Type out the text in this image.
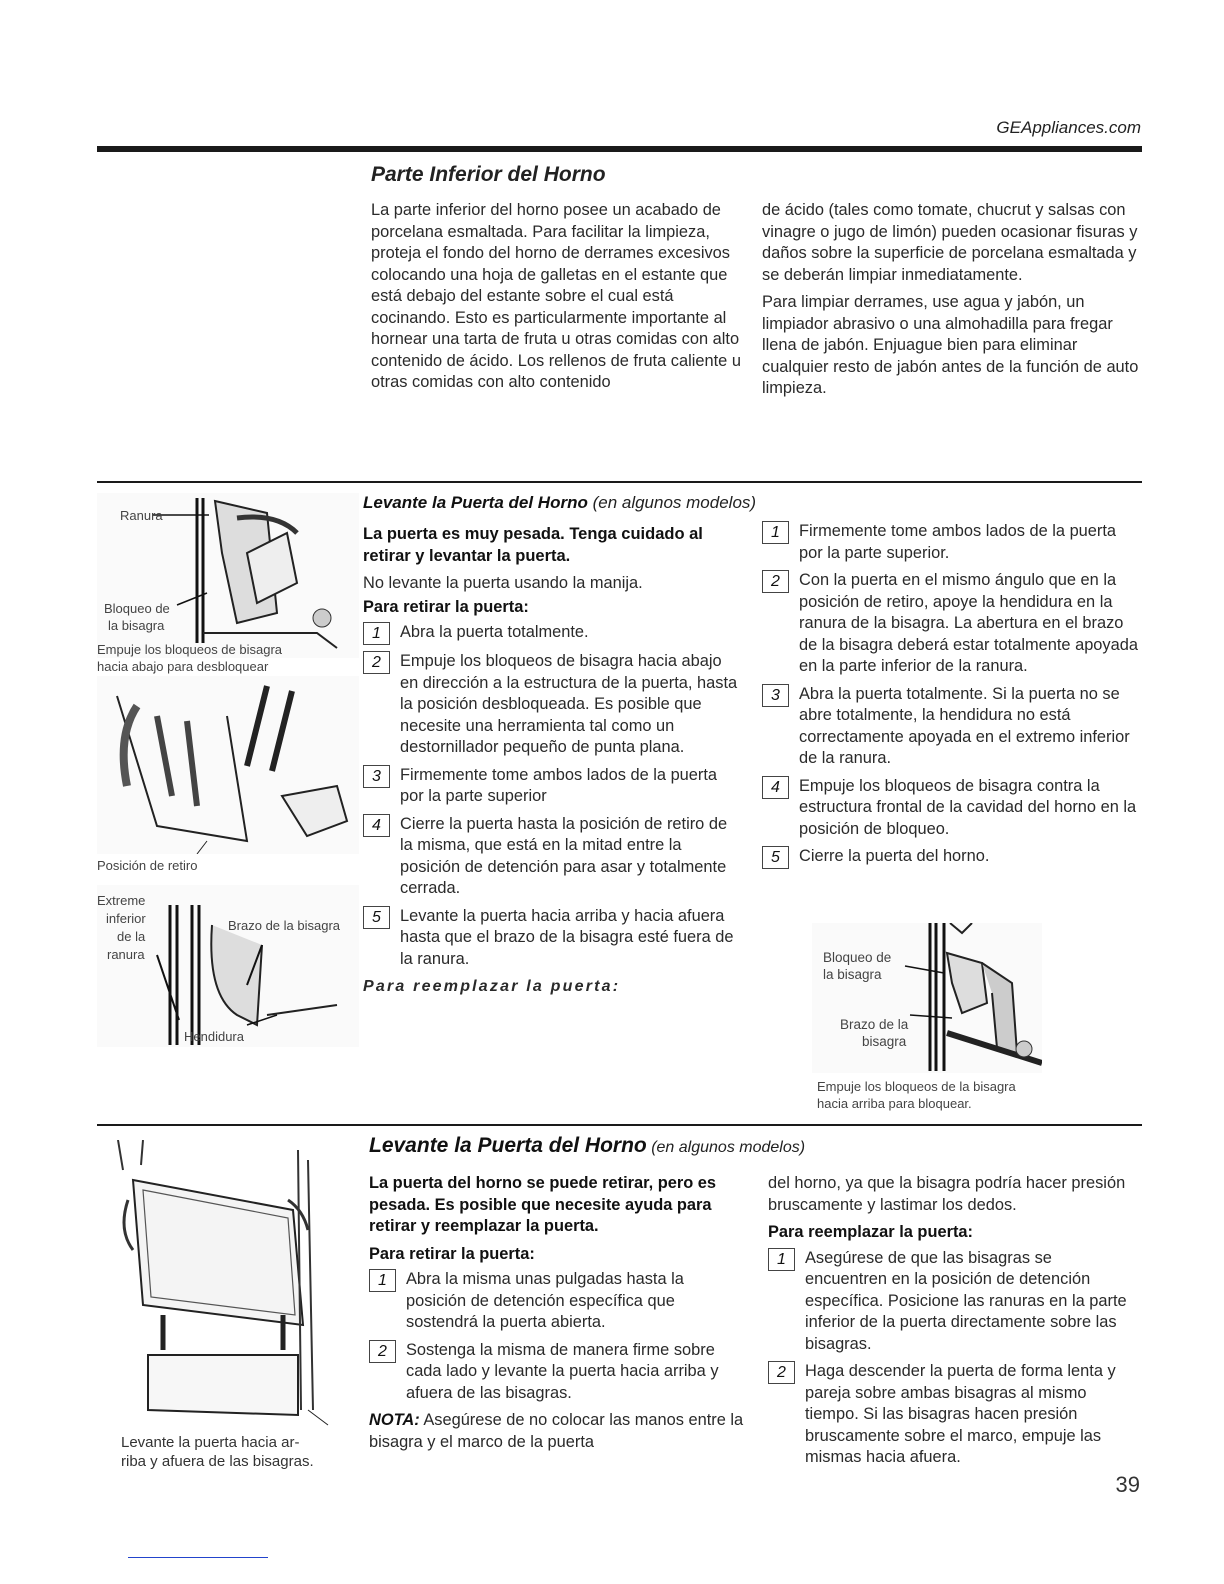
GEAppliances.com
Parte Inferior del Horno

La parte inferior del horno posee un acabado de porcelana esmaltada. Para facilitar la limpieza, proteja el fondo del horno de derrames excesivos colocando una hoja de galletas en el estante que está debajo del estante sobre el cual está cocinando. Esto es particularmente importante al hornear una tarta de fruta u otras comidas con alto contenido de ácido. Los rellenos de fruta caliente u otras comidas con alto contenido

de ácido (tales como tomate, chucrut y salsas con vinagre o jugo de limón) pueden ocasionar fisuras y daños sobre la superficie de porcelana esmaltada y se deberán limpiar inmediatamente.

Para limpiar derrames, use agua y jabón, un limpiador abrasivo o una almohadilla para fregar llena de jabón. Enjuague bien para eliminar cualquier resto de jabón antes de la función de auto limpieza.

Levante la Puerta del Horno (en algunos modelos)
Ranura
Bloqueo de
la bisagra
Empuje los bloqueos de bisagra
hacia abajo para desbloquear
Posición de retiro
Extreme
inferior
de la
ranura
Brazo de la bisagra
Hendidura

La puerta es muy pesada. Tenga cuidado al retirar y levantar la puerta.

No levante la puerta usando la manija.

Para retirar la puerta:

1	Abra la puerta totalmente.
2	Empuje los bloqueos de bisagra hacia abajo en dirección a la estructura de la puerta, hasta la posición desbloqueada. Es posible que necesite una herramienta tal como un destornillador pequeño de punta plana.
3	Firmemente tome ambos lados de la puerta por la parte superior
4	Cierre la puerta hasta la posición de retiro de la misma, que está en la mitad entre la posición de detención para asar y totalmente cerrada.
5	Levante la puerta hacia arriba y hacia afuera hasta que el brazo de la bisagra esté fuera de la ranura.

Para reemplazar la puerta:

1	Firmemente tome ambos lados de la puerta por la parte superior.
2	Con la puerta en el mismo ángulo que en la posición de retiro, apoye la hendidura en la ranura de la bisagra. La abertura en el brazo de la bisagra deberá estar totalmente apoyada en la parte inferior de la ranura.
3	Abra la puerta totalmente. Si la puerta no se abre totalmente, la hendidura no está correctamente apoyada en el extremo inferior de la ranura.
4	Empuje los bloqueos de bisagra contra la estructura frontal de la cavidad del horno en la posición de bloqueo.
5	Cierre la puerta del horno.
Bloqueo de
la bisagra
Brazo de la
bisagra
Empuje los bloqueos de la bisagra
hacia arriba para bloquear.
Levante la Puerta del Horno (en algunos modelos)
Levante la puerta hacia ar-
riba y afuera de las bisagras.

La puerta del horno se puede retirar, pero es pesada. Es posible que necesite ayuda para retirar y reemplazar la puerta.

Para retirar la puerta:

1	Abra la misma unas pulgadas hasta la posición de detención específica que sostendrá la puerta abierta.
2	Sostenga la misma de manera firme sobre cada lado y levante la puerta hacia arriba y afuera de las bisagras.

NOTA: Asegúrese de no colocar las manos entre la bisagra y el marco de la puerta

del horno, ya que la bisagra podría hacer presión bruscamente y lastimar los dedos.

Para reemplazar la puerta:

1	Asegúrese de que las bisagras se encuentren en la posición de detención específica. Posicione las ranuras en la parte inferior de la puerta directamente sobre las bisagras.
2	Haga descender la puerta de forma lenta y pareja sobre ambas bisagras al mismo tiempo. Si las bisagras hacen presión bruscamente sobre el marco, empuje las mismas hacia afuera.
39
